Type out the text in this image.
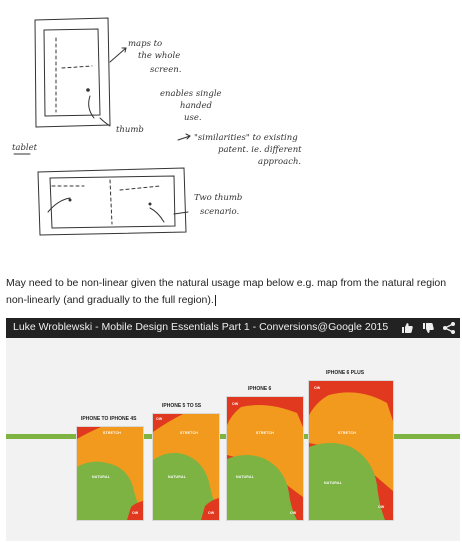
maps to
the whole
screen.
enables single
handed
use.
thumb
"similarities" to existing
patent. ie. different
approach.
tablet
Two thumb
scenario.
May need to be non-linear given the natural usage map below e.g. map from the natural region non-linearly (and gradually to the full region).
Luke Wroblewski - Mobile Design Essentials Part 1 - Conversions@Google 2015
IPHONE TO IPHONE 4S
STRETCH
NATURAL
OW
IPHONE 5 TO 5S
STRETCH
NATURAL
OW
IPHONE 6
STRETCH
NATURAL
OW
IPHONE 6 PLUS
STRETCH
NATURAL
OW
OW
OW
OW
